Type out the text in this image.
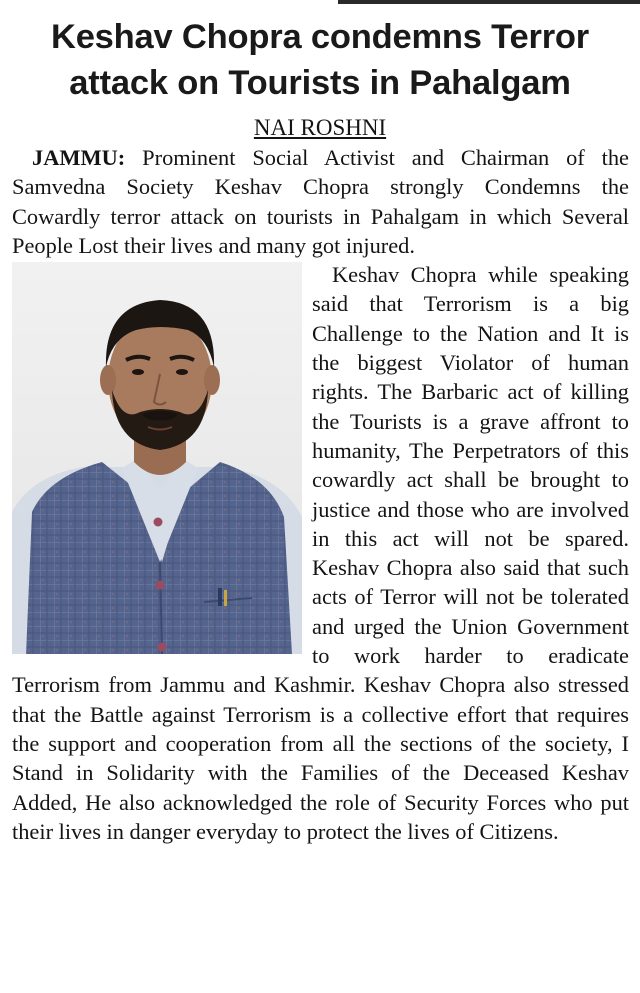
Keshav Chopra condemns Terror attack on Tourists in Pahalgam
NAI ROSHNI

JAMMU: Prominent Social Activist and Chairman of the Samvedna Society Keshav Chopra strongly Condemns the Cowardly terror attack on tourists in Pahalgam in which Several People Lost their lives and many got injured.

Keshav Chopra while speaking said that Terrorism is a big Challenge to the Nation and It is the biggest Violator of human rights. The Barbaric act of killing the Tourists is a grave affront to humanity, The Perpetrators of this cowardly act shall be brought to justice and those who are involved in this act will not be spared. Keshav Chopra also said that such acts of Terror will not be tolerated and urged the Union Government to work harder to eradicate Terrorism from Jammu and Kashmir. Keshav Chopra also stressed that the Battle against Terrorism is a collective effort that requires the support and cooperation from all the sections of the society, I Stand in Solidarity with the Families of the Deceased Keshav Added, He also acknowledged the role of Security Forces who put their lives in danger everyday to protect the lives of Citizens.
